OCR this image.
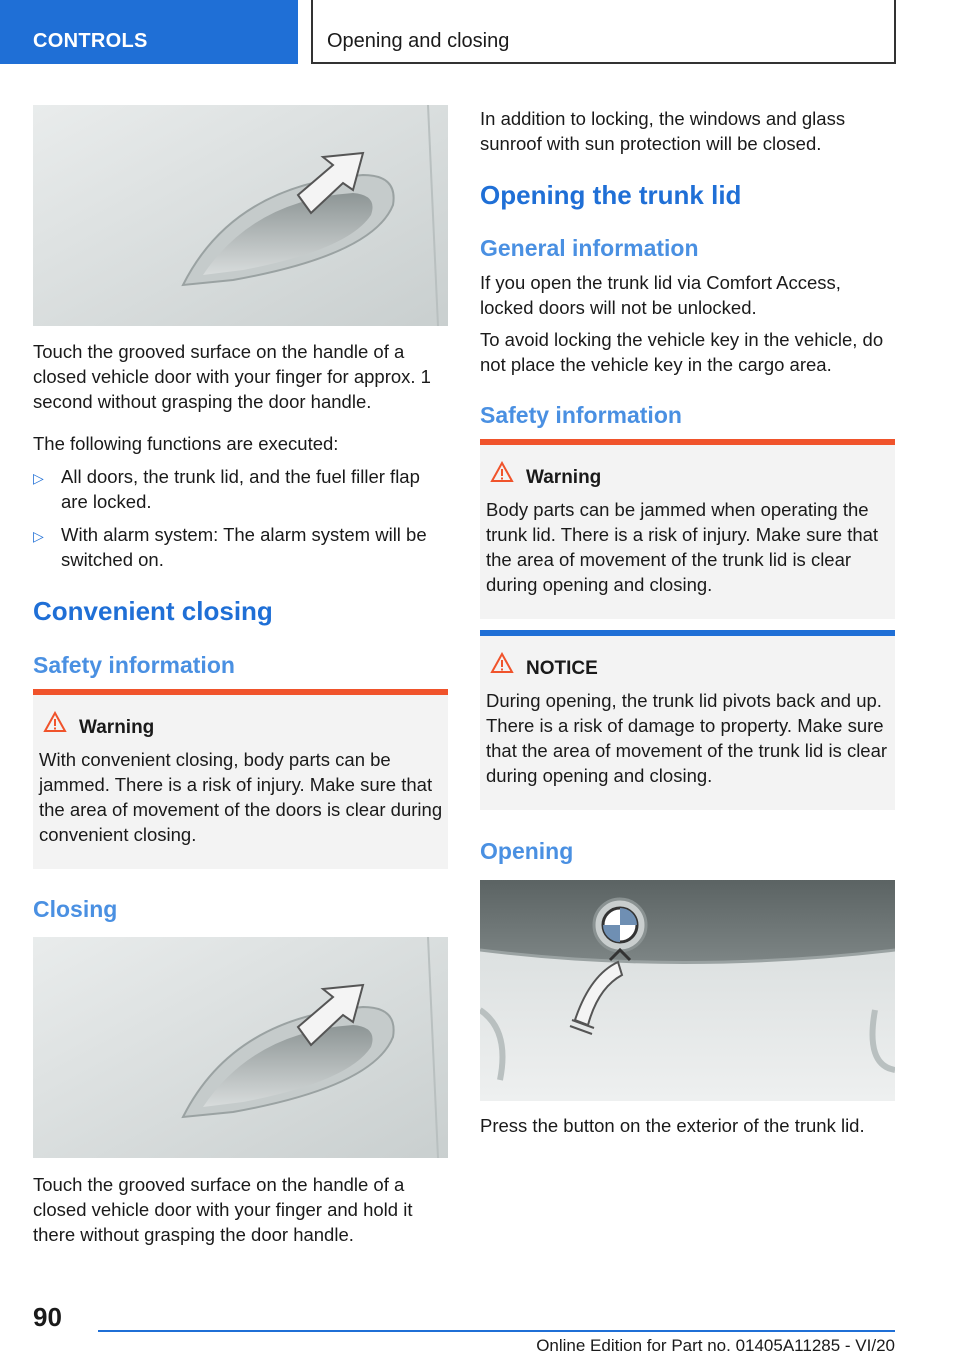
CONTROLS	Opening and closing
Touch the grooved surface on the handle of a closed vehicle door with your finger for approx. 1 second without grasping the door handle.
The following functions are executed:
▷ All doors, the trunk lid, and the fuel filler flap are locked.
▷ With alarm system: The alarm system will be switched on.
Convenient closing
Safety information
Warning
With convenient closing, body parts can be jammed. There is a risk of injury. Make sure that the area of movement of the doors is clear during convenient closing.
Closing
Touch the grooved surface on the handle of a closed vehicle door with your finger and hold it there without grasping the door handle.
In addition to locking, the windows and glass sunroof with sun protection will be closed.
Opening the trunk lid
General information
If you open the trunk lid via Comfort Access, locked doors will not be unlocked.
To avoid locking the vehicle key in the vehicle, do not place the vehicle key in the cargo area.
Safety information
Warning
Body parts can be jammed when operating the trunk lid. There is a risk of injury. Make sure that the area of movement of the trunk lid is clear during opening and closing.
NOTICE
During opening, the trunk lid pivots back and up. There is a risk of damage to property. Make sure that the area of movement of the trunk lid is clear during opening and closing.
Opening
Press the button on the exterior of the trunk lid.
90
Online Edition for Part no. 01405A11285 - VI/20
